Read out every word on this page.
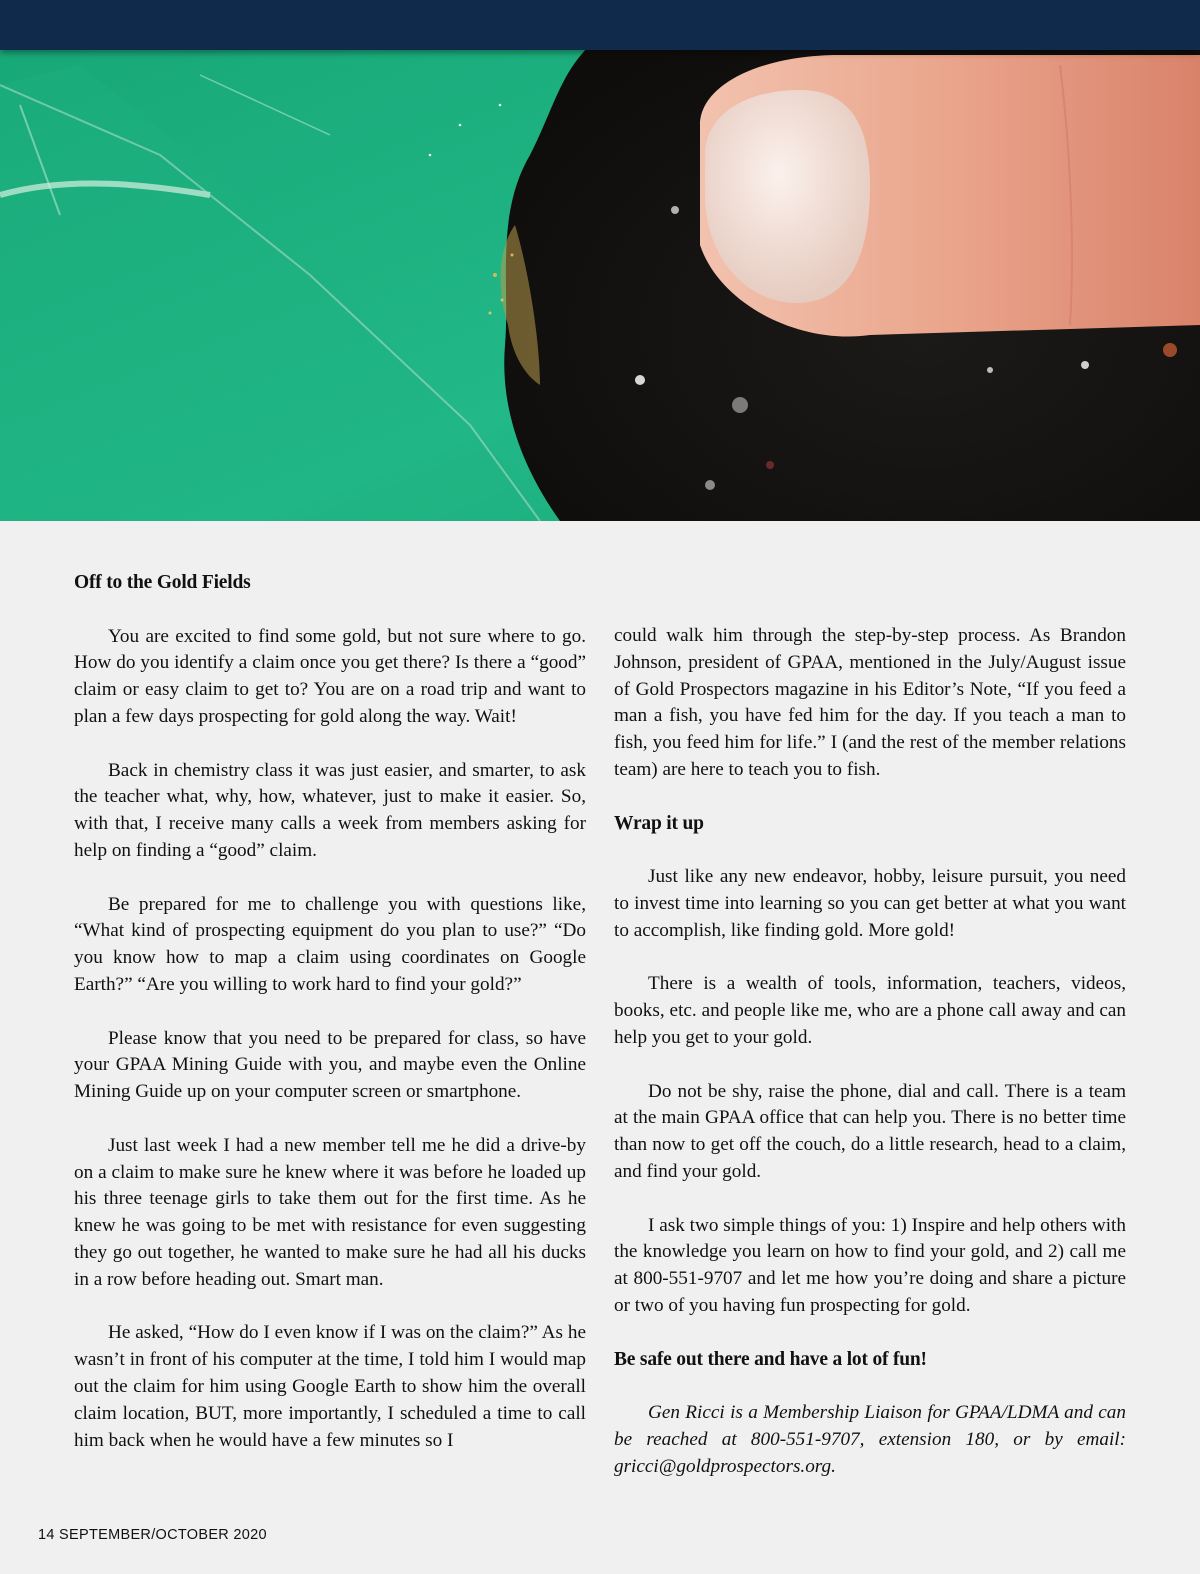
Off to the Gold Fields

You are excited to find some gold, but not sure where to go. How do you identify a claim once you get there? Is there a “good” claim or easy claim to get to? You are on a road trip and want to plan a few days prospecting for gold along the way. Wait!

Back in chemistry class it was just easier, and smarter, to ask the teacher what, why, how, whatever, just to make it easier. So, with that, I receive many calls a week from members asking for help on finding a “good” claim.

Be prepared for me to challenge you with questions like, “What kind of prospecting equipment do you plan to use?” “Do you know how to map a claim using coordinates on Google Earth?” “Are you willing to work hard to find your gold?”

Please know that you need to be prepared for class, so have your GPAA Mining Guide with you, and maybe even the Online Mining Guide up on your computer screen or smartphone.

Just last week I had a new member tell me he did a drive-by on a claim to make sure he knew where it was before he loaded up his three teenage girls to take them out for the first time. As he knew he was going to be met with resistance for even suggesting they go out together, he wanted to make sure he had all his ducks in a row before heading out. Smart man.

He asked, “How do I even know if I was on the claim?” As he wasn’t in front of his computer at the time, I told him I would map out the claim for him using Google Earth to show him the overall claim location, BUT, more importantly, I scheduled a time to call him back when he would have a few minutes so I

could walk him through the step-by-step process. As Brandon Johnson, president of GPAA, mentioned in the July/August issue of Gold Prospectors magazine in his Editor’s Note, “If you feed a man a fish, you have fed him for the day. If you teach a man to fish, you feed him for life.” I (and the rest of the member relations team) are here to teach you to fish.

Wrap it up

Just like any new endeavor, hobby, leisure pursuit, you need to invest time into learning so you can get better at what you want to accomplish, like finding gold. More gold!

There is a wealth of tools, information, teachers, videos, books, etc. and people like me, who are a phone call away and can help you get to your gold.

Do not be shy, raise the phone, dial and call. There is a team at the main GPAA office that can help you. There is no better time than now to get off the couch, do a little research, head to a claim, and find your gold.

I ask two simple things of you: 1) Inspire and help others with the knowledge you learn on how to find your gold, and 2) call me at 800-551-9707 and let me how you’re doing and share a picture or two of you having fun prospecting for gold.

Be safe out there and have a lot of fun!

Gen Ricci is a Membership Liaison for GPAA/LDMA and can be reached at 800-551-9707, extension 180, or by email: gricci@goldprospectors.org.

14 SEPTEMBER/OCTOBER 2020
